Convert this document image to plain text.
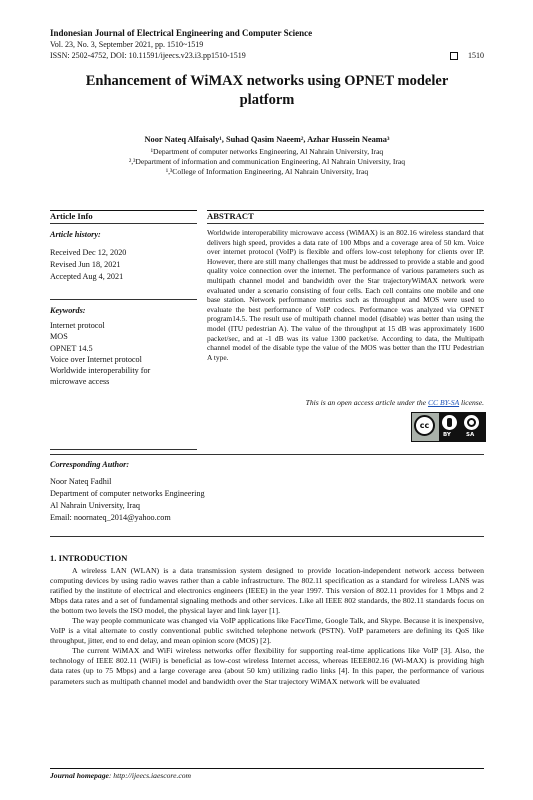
Indonesian Journal of Electrical Engineering and Computer Science
Vol. 23, No. 3, September 2021, pp. 1510~1519
ISSN: 2502-4752, DOI: 10.11591/ijeecs.v23.i3.pp1510-1519	1510
Enhancement of WiMAX networks using OPNET modeler
platform
Noor Nateq Alfaisaly¹, Suhad Qasim Naeem², Azhar Hussein Neama³
¹Department of computer networks Engineering, Al Nahrain University, Iraq
²,³Department of information and communication Engineering, Al Nahrain University, Iraq
¹,³College of Information Engineering, Al Nahrain University, Iraq
Article Info	ABSTRACT
Article history:
Received Dec 12, 2020
Revised Jun 18, 2021
Accepted Aug 4, 2021
Keywords:
Internet protocol
MOS
OPNET 14.5
Voice over Internet protocol
Worldwide interoperability for microwave access
Worldwide interoperability microwave access (WiMAX) is an 802.16 wireless standard that delivers high speed, provides a data rate of 100 Mbps and a coverage area of 50 km. Voice over internet protocol (VoIP) is flexible and offers low-cost telephony for clients over IP. However, there are still many challenges that must be addressed to provide a stable and good quality voice connection over the internet. The performance of various parameters such as multipath channel model and bandwidth over the Star trajectoryWiMAX network were evaluated under a scenario consisting of four cells. Each cell contains one mobile and one base station. Network performance metrics such as throughput and MOS were used to evaluate the best performance of VoIP codecs. Performance was analyzed via OPNET program14.5. The result use of multipath channel model (disable) was better than using the model (ITU pedestrian A). The value of the throughput at 15 dB was approximately 1600 packet/sec, and at -1 dB was its value 1300 packet/se. According to data, the Multipath channel model of the disable type the value of the MOS was better than the ITU Pedestrian A type.
This is an open access article under the CC BY-SA license.
cc
BY	SA
Corresponding Author:
Noor Nateq Fadhil
Department of computer networks Engineering
Al Nahrain University, Iraq
Email: noornateq_2014@yahoo.com
1. INTRODUCTION

A wireless LAN (WLAN) is a data transmission system designed to provide location-independent network access between computing devices by using radio waves rather than a cable infrastructure. The 802.11 specification as a standard for wireless LANS was ratified by the institute of electrical and electronics engineers (IEEE) in the year 1997. This version of 802.11 provides for 1 Mbps and 2 Mbps data rates and a set of fundamental signaling methods and other services. Like all IEEE 802 standards, the 802.11 standards focus on the bottom two levels the ISO model, the physical layer and link layer [1].

The way people communicate was changed via VoIP applications like FaceTime, Google Talk, and Skype. Because it is inexpensive, VoIP is a vital alternate to costly conventional public switched telephone network (PSTN). VoIP parameters are defining its QoS like throughput, jitter, end to end delay, and mean opinion score (MOS) [2].

The current WiMAX and WiFi wireless networks offer flexibility for supporting real-time applications like VoIP [3]. Also, the technology of IEEE 802.11 (WiFi) is beneficial as low-cost wireless Internet access, whereas IEEE802.16 (Wi-MAX) is providing high data rates (up to 75 Mbps) and a large coverage area (about 50 km) utilizing radio links [4]. In this paper, the performance of various parameters such as multipath channel model and bandwidth over the Star trajectory WiMAX network will be evaluated

Journal homepage: http://ijeecs.iaescore.com
